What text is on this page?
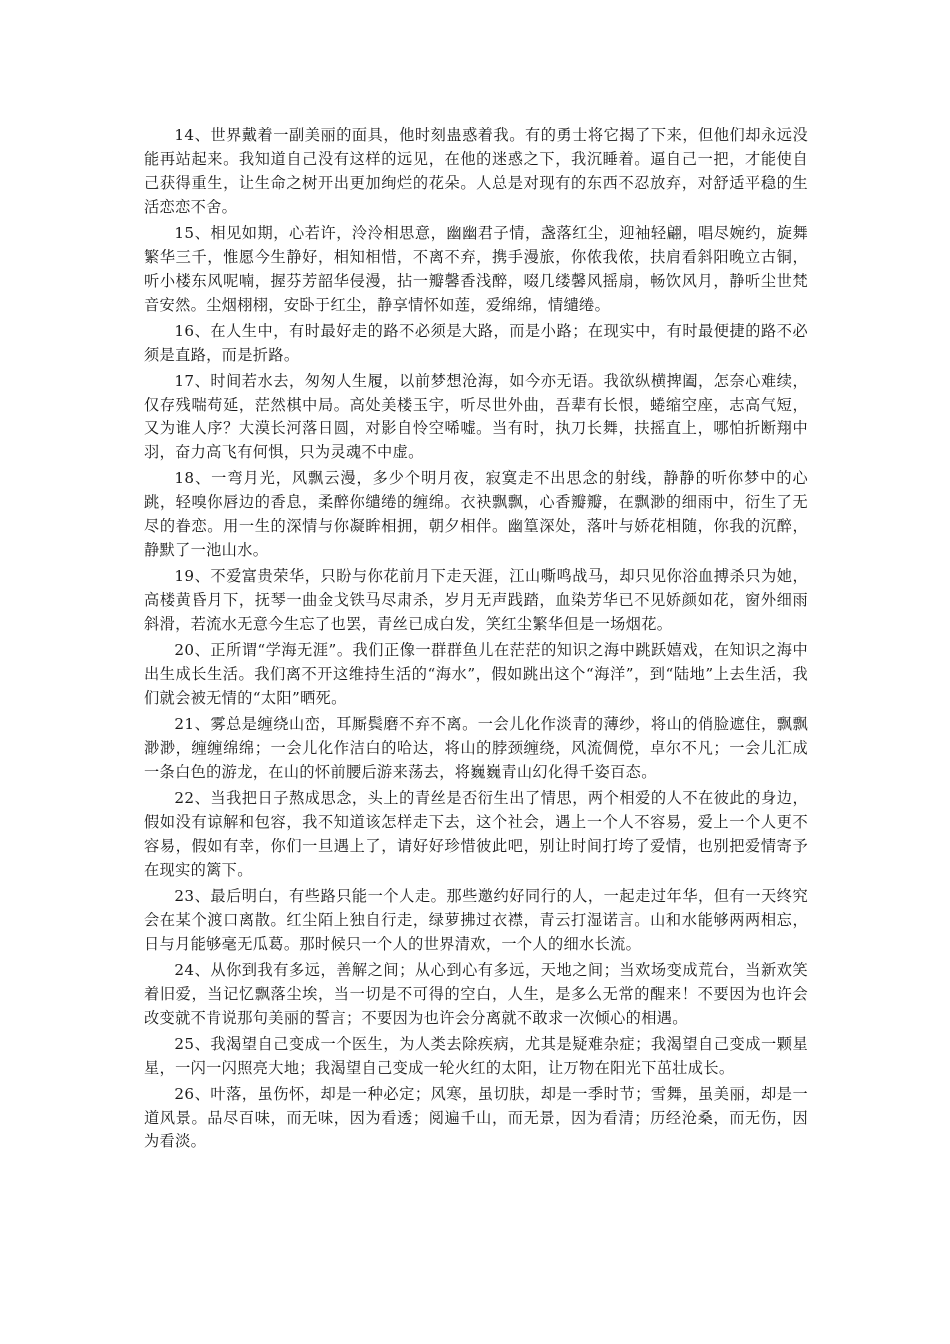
14、世界戴着一副美丽的面具，他时刻蛊惑着我。有的勇士将它揭了下来，但他们却永远没能再站起来。我知道自己没有这样的远见，在他的迷惑之下，我沉睡着。逼自己一把，才能使自己获得重生，让生命之树开出更加绚烂的花朵。人总是对现有的东西不忍放弃，对舒适平稳的生活恋恋不舍。

15、相见如期，心若许，泠泠相思意，幽幽君子情，盏落红尘，迎袖轻翩，唱尽婉约，旋舞繁华三千，惟愿今生静好，相知相惜，不离不弃，携手漫旅，你侬我侬，扶肩看斜阳晚立古铜，听小楼东风呢喃，握芬芳韶华侵漫，拈一瓣馨香浅醉，啜几缕馨风摇扇，畅饮风月，静听尘世梵音安然。尘烟栩栩，安卧于红尘，静享情怀如莲，爱绵绵，情缱绻。

16、在人生中，有时最好走的路不必须是大路，而是小路；在现实中，有时最便捷的路不必须是直路，而是折路。

17、时间若水去，匆匆人生履，以前梦想沧海，如今亦无语。我欲纵横捭阖，怎奈心难续，仅存残喘苟延，茫然棋中局。高处美楼玉宇，听尽世外曲，吾辈有长恨，蜷缩空座，志高气短，又为谁人序？大漠长河落日圆，对影自怜空唏嘘。当有时，执刀长舞，扶摇直上，哪怕折断翔中羽，奋力高飞有何惧，只为灵魂不中虚。

18、一弯月光，风飘云漫，多少个明月夜，寂寞走不出思念的射线，静静的听你梦中的心跳，轻嗅你唇边的香息，柔醉你缱绻的缠绵。衣袂飘飘，心香瓣瓣，在飘渺的细雨中，衍生了无尽的眷恋。用一生的深情与你凝眸相拥，朝夕相伴。幽篁深处，落叶与娇花相随，你我的沉醉，静默了一池山水。

19、不爱富贵荣华，只盼与你花前月下走天涯，江山嘶鸣战马，却只见你浴血搏杀只为她，高楼黄昏月下，抚琴一曲金戈铁马尽肃杀，岁月无声践踏，血染芳华已不见娇颜如花，窗外细雨斜滑，若流水无意今生忘了也罢，青丝已成白发，笑红尘繁华但是一场烟花。

20、正所谓“学海无涯”。我们正像一群群鱼儿在茫茫的知识之海中跳跃嬉戏，在知识之海中出生成长生活。我们离不开这维持生活的“海水”，假如跳出这个“海洋”，到“陆地”上去生活，我们就会被无情的“太阳”晒死。

21、雾总是缠绕山峦，耳厮鬓磨不弃不离。一会儿化作淡青的薄纱，将山的俏脸遮住，飘飘渺渺，缠缠绵绵；一会儿化作洁白的哈达，将山的脖颈缠绕，风流倜傥，卓尔不凡；一会儿汇成一条白色的游龙，在山的怀前腰后游来荡去，将巍巍青山幻化得千姿百态。

22、当我把日子熬成思念，头上的青丝是否衍生出了情思，两个相爱的人不在彼此的身边，假如没有谅解和包容，我不知道该怎样走下去，这个社会，遇上一个人不容易，爱上一个人更不容易，假如有幸，你们一旦遇上了，请好好珍惜彼此吧，别让时间打垮了爱情，也别把爱情寄予在现实的篱下。

23、最后明白，有些路只能一个人走。那些邀约好同行的人，一起走过年华，但有一天终究会在某个渡口离散。红尘陌上独自行走，绿萝拂过衣襟，青云打湿诺言。山和水能够两两相忘，日与月能够毫无瓜葛。那时候只一个人的世界清欢，一个人的细水长流。

24、从你到我有多远，善解之间；从心到心有多远，天地之间；当欢场变成荒台，当新欢笑着旧爱，当记忆飘落尘埃，当一切是不可得的空白，人生，是多么无常的醒来！不要因为也许会改变就不肯说那句美丽的誓言；不要因为也许会分离就不敢求一次倾心的相遇。

25、我渴望自己变成一个医生，为人类去除疾病，尤其是疑难杂症；我渴望自己变成一颗星星，一闪一闪照亮大地；我渴望自己变成一轮火红的太阳，让万物在阳光下茁壮成长。

26、叶落，虽伤怀，却是一种必定；风寒，虽切肤，却是一季时节；雪舞，虽美丽，却是一道风景。品尽百味，而无味，因为看透；阅遍千山，而无景，因为看清；历经沧桑，而无伤，因为看淡。
